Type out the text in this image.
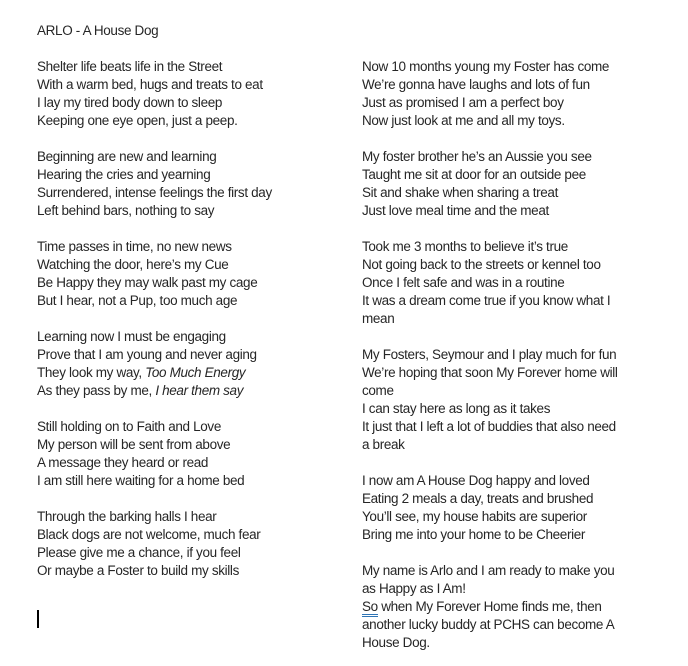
ARLO - A House Dog
Shelter life beats life in the Street
With a warm bed, hugs and treats to eat
I lay my tired body down to sleep
Keeping one eye open, just a peep.
Beginning are new and learning
Hearing the cries and yearning
Surrendered, intense feelings the first day
Left behind bars, nothing to say
Time passes in time, no new news
Watching the door, here’s my Cue
Be Happy they may walk past my cage
But I hear, not a Pup, too much age
Learning now I must be engaging
Prove that I am young and never aging
They look my way, Too Much Energy
As they pass by me, I hear them say
Still holding on to Faith and Love
My person will be sent from above
A message they heard or read
I am still here waiting for a home bed
Through the barking halls I hear
Black dogs are not welcome, much fear
Please give me a chance, if you feel
Or maybe a Foster to build my skills
Now 10 months young my Foster has come
We’re gonna have laughs and lots of fun
Just as promised I am a perfect boy
Now just look at me and all my toys.
My foster brother he’s an Aussie you see
Taught me sit at door for an outside pee
Sit and shake when sharing a treat
Just love meal time and the meat
Took me 3 months to believe it’s true
Not going back to the streets or kennel too
Once I felt safe and was in a routine
It was a dream come true if you know what I
mean
My Fosters, Seymour and I play much for fun
We’re hoping that soon My Forever home will
come
I can stay here as long as it takes
It just that I left a lot of buddies that also need
a break
I now am A House Dog happy and loved
Eating 2 meals a day, treats and brushed
You’ll see, my house habits are superior
Bring me into your home to be Cheerier
My name is Arlo and I am ready to make you
as Happy as I Am!
So when My Forever Home finds me, then
another lucky buddy at PCHS can become A
House Dog.
